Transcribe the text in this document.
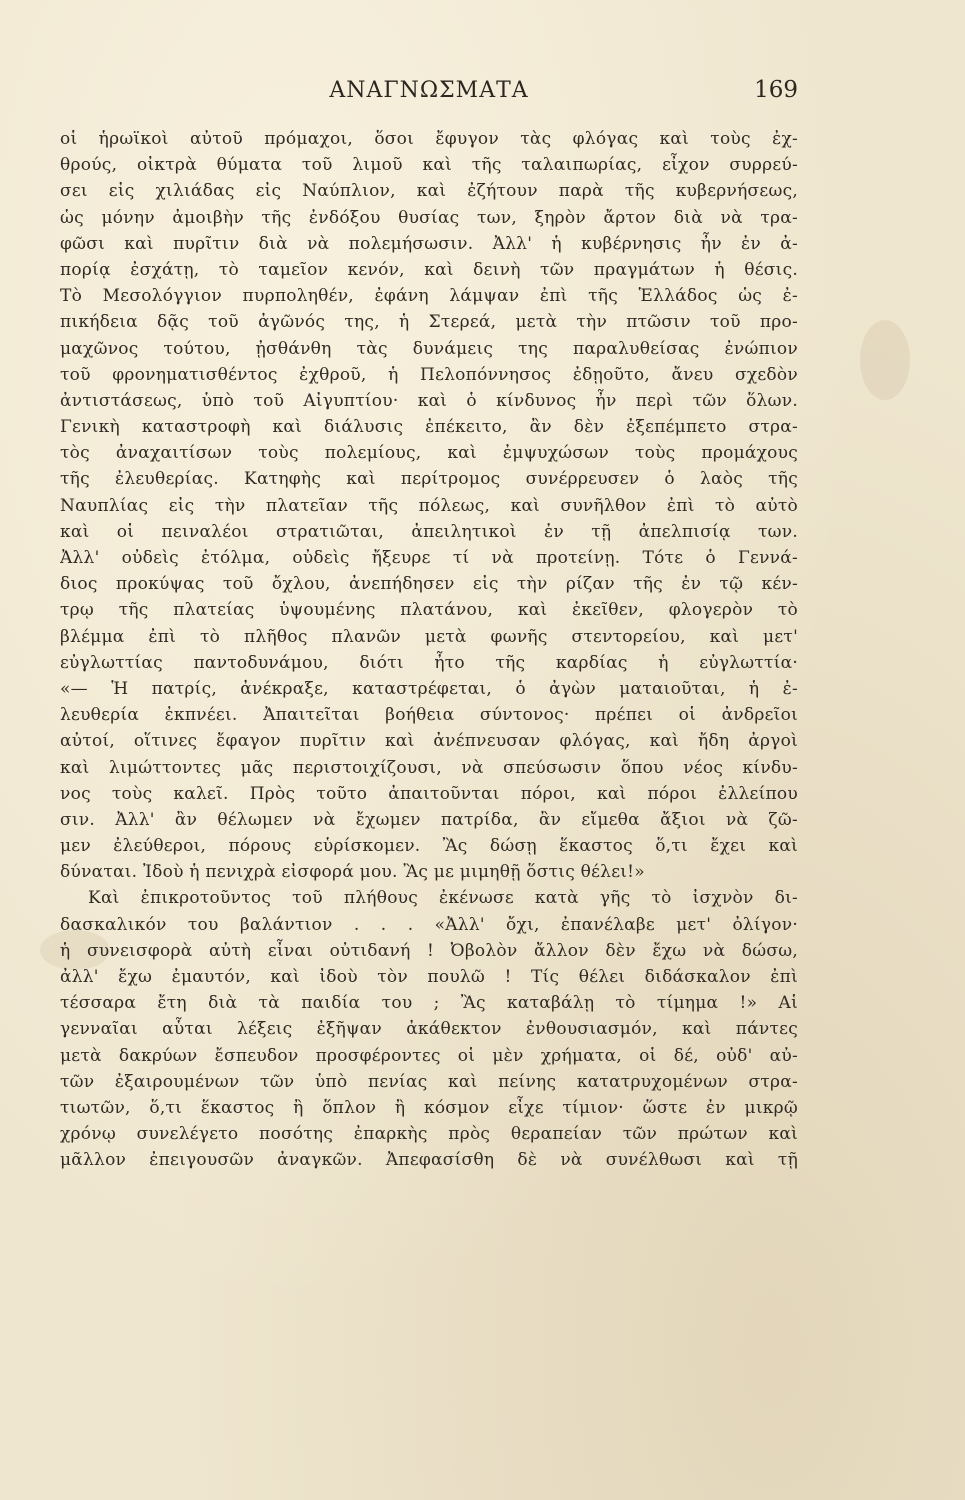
ΑΝΑΓΝΩΣΜΑΤΑ	169
οἱ ἡρωϊκοὶ αὐτοῦ πρόμαχοι, ὅσοι ἔφυγον τὰς φλόγας καὶ τοὺς ἐχ-
θρούς, οἰκτρὰ θύματα τοῦ λιμοῦ καὶ τῆς ταλαιπωρίας, εἶχον συρρεύ-
σει εἰς χιλιάδας εἰς Ναύπλιον, καὶ ἐζήτουν παρὰ τῆς κυβερνήσεως,
ὡς μόνην ἀμοιβὴν τῆς ἐνδόξου θυσίας των, ξηρὸν ἄρτον διὰ νὰ τρα-
φῶσι καὶ πυρῖτιν διὰ νὰ πολεμήσωσιν. Ἀλλ' ἡ κυβέρνησις ἦν ἐν ἀ-
πορίᾳ ἐσχάτῃ, τὸ ταμεῖον κενόν, καὶ δεινὴ τῶν πραγμάτων ἡ θέσις.
Τὸ Μεσολόγγιον πυρποληθέν, ἐφάνη λάμψαν ἐπὶ τῆς Ἑλλάδος ὡς ἐ-
πικήδεια δᾷς τοῦ ἀγῶνός της, ἡ Στερεά, μετὰ τὴν πτῶσιν τοῦ προ-
μαχῶνος τούτου, ᾐσθάνθη τὰς δυνάμεις της παραλυθείσας ἐνώπιον
τοῦ φρονηματισθέντος ἐχθροῦ, ἡ Πελοπόννησος ἐδῃοῦτο, ἄνευ σχεδὸν
ἀντιστάσεως, ὑπὸ τοῦ Αἰγυπτίου· καὶ ὁ κίνδυνος ἦν περὶ τῶν ὅλων.
Γενικὴ καταστροφὴ καὶ διάλυσις ἐπέκειτο, ἂν δὲν ἐξεπέμπετο στρα-
τὸς ἀναχαιτίσων τοὺς πολεμίους, καὶ ἐμψυχώσων τοὺς προμάχους
τῆς ἐλευθερίας. Κατηφὴς καὶ περίτρομος συνέρρευσεν ὁ λαὸς τῆς
Ναυπλίας εἰς τὴν πλατεῖαν τῆς πόλεως, καὶ συνῆλθον ἐπὶ τὸ αὐτὸ
καὶ οἱ πειναλέοι στρατιῶται, ἀπειλητικοὶ ἐν τῇ ἀπελπισίᾳ των.
Ἀλλ' οὐδεὶς ἐτόλμα, οὐδεὶς ἤξευρε τί νὰ προτείνῃ. Τότε ὁ Γεννά-
διος προκύψας τοῦ ὄχλου, ἀνεπήδησεν εἰς τὴν ρίζαν τῆς ἐν τῷ κέν-
τρῳ τῆς πλατείας ὑψουμένης πλατάνου, καὶ ἐκεῖθεν, φλογερὸν τὸ
βλέμμα ἐπὶ τὸ πλῆθος πλανῶν μετὰ φωνῆς στεντορείου, καὶ μετ'
εὐγλωττίας παντοδυνάμου, διότι ἦτο τῆς καρδίας ἡ εὐγλωττία·
«— Ἡ πατρίς, ἀνέκραξε, καταστρέφεται, ὁ ἀγὼν ματαιοῦται, ἡ ἐ-
λευθερία ἐκπνέει. Ἀπαιτεῖται βοήθεια σύντονος· πρέπει οἱ ἀνδρεῖοι
αὐτοί, οἵτινες ἔφαγον πυρῖτιν καὶ ἀνέπνευσαν φλόγας, καὶ ἤδη ἀργοὶ
καὶ λιμώττοντες μᾶς περιστοιχίζουσι, νὰ σπεύσωσιν ὅπου νέος κίνδυ-
νος τοὺς καλεῖ. Πρὸς τοῦτο ἀπαιτοῦνται πόροι, καὶ πόροι ἐλλείπου
σιν. Ἀλλ' ἂν θέλωμεν νὰ ἔχωμεν πατρίδα, ἂν εἴμεθα ἄξιοι νὰ ζῶ-
μεν ἐλεύθεροι, πόρους εὑρίσκομεν. Ἂς δώσῃ ἕκαστος ὅ,τι ἔχει καὶ
δύναται. Ἰδοὺ ἡ πενιχρὰ εἰσφορά μου. Ἂς με μιμηθῇ ὅστις θέλει!»
Καὶ ἐπικροτοῦντος τοῦ πλήθους ἐκένωσε κατὰ γῆς τὸ ἰσχνὸν δι-
δασκαλικόν του βαλάντιον . . . «Ἀλλ' ὄχι, ἐπανέλαβε μετ' ὀλίγον·
ἡ συνεισφορὰ αὐτὴ εἶναι οὐτιδανή ! Ὀβολὸν ἄλλον δὲν ἔχω νὰ δώσω,
ἀλλ' ἔχω ἐμαυτόν, καὶ ἰδοὺ τὸν πουλῶ ! Τίς θέλει διδάσκαλον ἐπὶ
τέσσαρα ἔτη διὰ τὰ παιδία του ; Ἂς καταβάλῃ τὸ τίμημα !» Αἱ
γενναῖαι αὗται λέξεις ἐξῆψαν ἀκάθεκτον ἐνθουσιασμόν, καὶ πάντες
μετὰ δακρύων ἔσπευδον προσφέροντες οἱ μὲν χρήματα, οἱ δέ, οὐδ' αὐ-
τῶν ἐξαιρουμένων τῶν ὑπὸ πενίας καὶ πείνης κατατρυχομένων στρα-
τιωτῶν, ὅ,τι ἕκαστος ἢ ὅπλον ἢ κόσμον εἶχε τίμιον· ὥστε ἐν μικρῷ
χρόνῳ συνελέγετο ποσότης ἐπαρκὴς πρὸς θεραπείαν τῶν πρώτων καὶ
μᾶλλον ἐπειγουσῶν ἀναγκῶν. Ἀπεφασίσθη δὲ νὰ συνέλθωσι καὶ τῇ
